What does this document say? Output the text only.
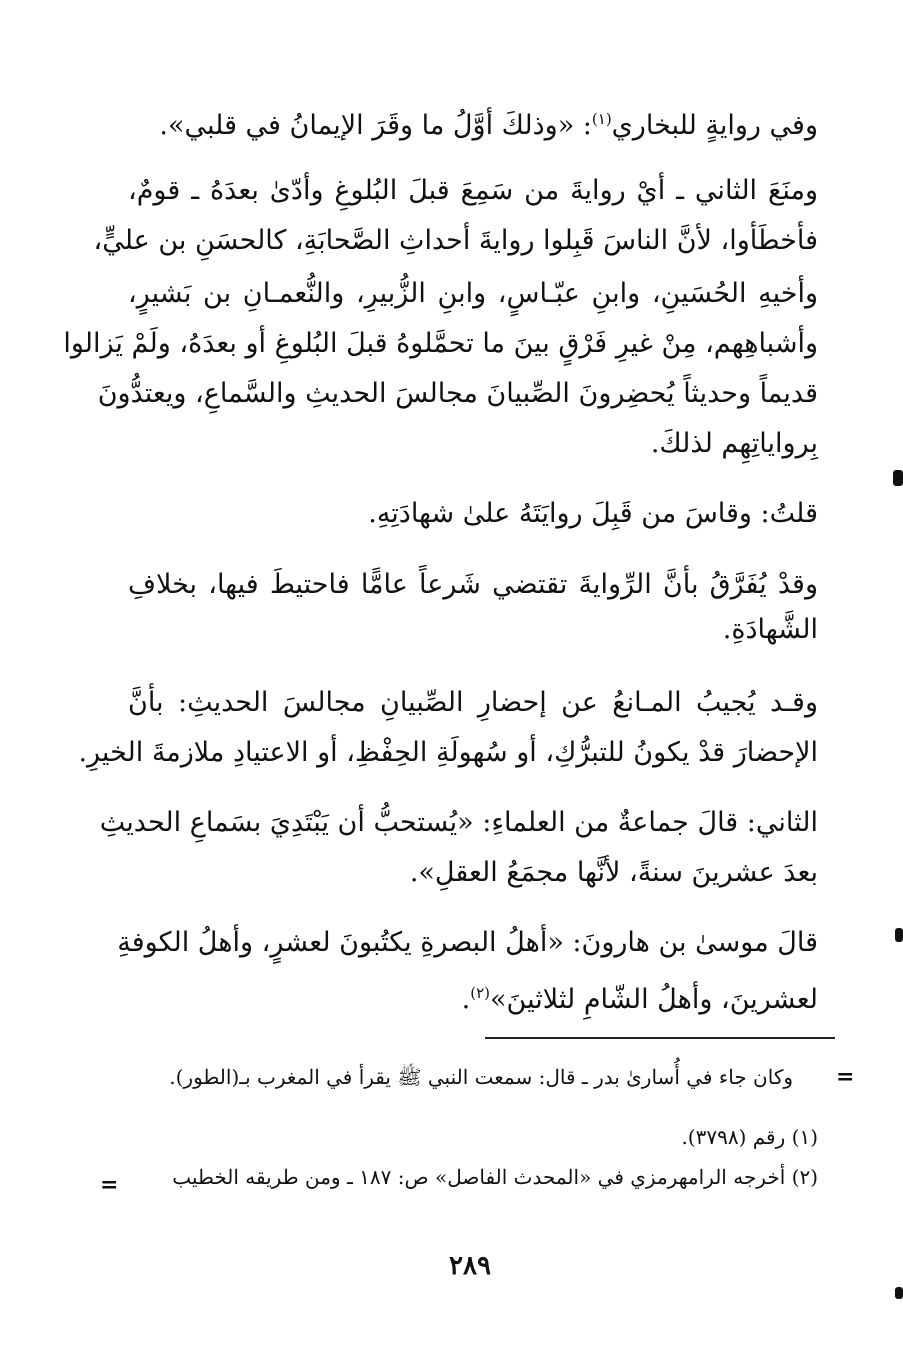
وفي روايةٍ للبخاري$^{(١)}$: «وذلكَ أوَّلُ ما وقَرَ الإيمانُ في قلبي».
ومنَعَ الثاني ـ أيْ روايةَ من سَمِعَ قبلَ البُلوغِ وأدّىٰ بعدَهُ ـ قومٌ،
فأخطَأوا، لأنَّ الناسَ قَبِلوا روايةَ أحداثِ الصَّحابَةِ، كالحسَنِ بن عليٍّ،
وأخيهِ الحُسَينِ، وابنِ عبّـاسٍ، وابنِ الزُّبيرِ، والنُّعمـانِ بن بَشيرٍ،
وأشباهِهم، مِنْ غيرِ فَرْقٍ بينَ ما تحمَّلوهُ قبلَ البُلوغِ أو بعدَهُ، ولَمْ يَزالوا
قديماً وحديثاً يُحضِرونَ الصِّبيانَ مجالسَ الحديثِ والسَّماعِ، ويعتدُّونَ
بِرواياتِهِم لذلكَ.
قلتُ: وقاسَ من قَبِلَ روايَتَهُ علىٰ شهادَتِهِ.
وقدْ يُفَرَّقُ بأنَّ الرِّوايةَ تقتضي شَرعاً عامًّا فاحتيطَ فيها، بخلافِ
الشَّهادَةِ.
وقـد يُجيبُ المـانعُ عن إحضارِ الصِّبيانِ مجالسَ الحديثِ: بأنَّ
الإحضارَ قدْ يكونُ للتبرُّكِ، أو سُهولَةِ الحِفْظِ، أو الاعتيادِ ملازمةَ الخيرِ.
الثاني: قالَ جماعةٌ من العلماءِ: «يُستحبُّ أن يَبْتَدِيَ بسَماعِ الحديثِ
بعدَ عشرينَ سنةً، لأنَّها مجمَعُ العقلِ».
قالَ موسىٰ بن هارونَ: «أهلُ البصرةِ يكتُبونَ لعشرٍ، وأهلُ الكوفةِ
لعشرينَ، وأهلُ الشّامِ لثلاثينَ»$^{(٢)}$.
=
وكان جاء في أُسارىٰ بدر ـ قال: سمعت النبي ﷺ يقرأ في المغرب بـ(الطور).
(١) رقم (٣٧٩٨).
(٢) أخرجه الرامهرمزي في «المحدث الفاصل» ص: ١٨٧ ـ ومن طريقه الخطيب
=
٢٨٩
